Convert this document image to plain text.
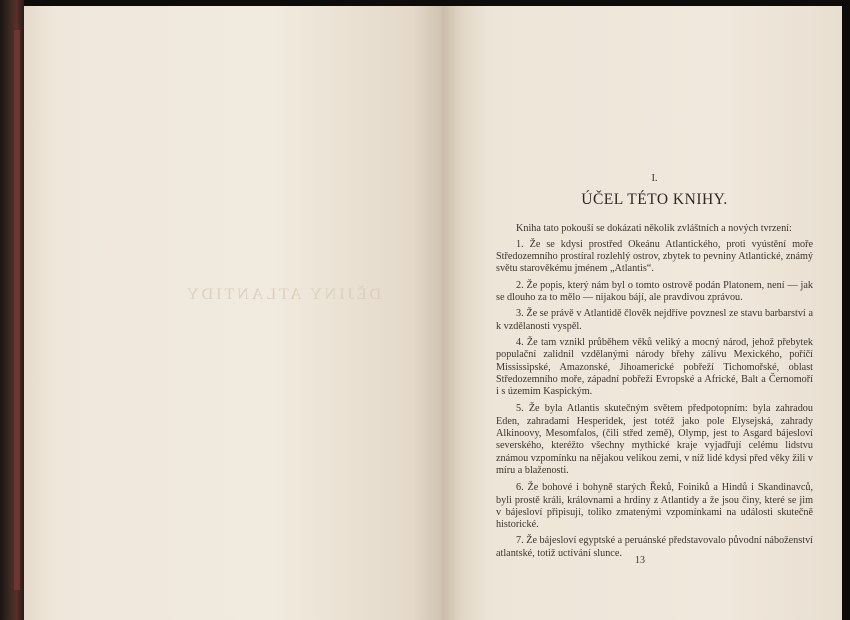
DĚJINY ATLANTIDY
I.
ÚČEL TÉTO KNIHY.

Kniha tato pokouší se dokázati několik zvláštních a nových tvrzení:

1. Že se kdysi prostřed Okeánu Atlantického, proti vyústění moře Středozemního prostíral rozlehlý ostrov, zbytek to pevniny Atlantické, známý světu starověkému jménem „Atlantis“.

2. Že popis, který nám byl o tomto ostrově podán Platonem, není — jak se dlouho za to mělo — nijakou bájí, ale pravdivou zprávou.

3. Že se právě v Atlantidě člověk nejdříve povznesl ze stavu barbarství a k vzdělanosti vyspěl.

4. Že tam vznikl průběhem věků veliký a mocný národ, jehož přebytek populační zalidnil vzdělanými národy břehy zálivu Mexického, poříčí Mississipské, Amazonské, Jihoamerické pobřeží Tichomořské, oblast Středozemního moře, západní pobřeží Evropské a Africké, Balt a Černomoří i s územím Kaspickým.

5. Že byla Atlantis skutečným světem předpotopním: byla zahradou Eden, zahradami Hesperidek, jest totéž jako pole Elysejská, zahrady Alkinoovy, Mesomfalos, (čili střed země), Olymp, jest to Asgard bájesloví severského, kteréžto všechny mythické kraje vyjadřují celému lidstvu známou vzpomínku na nějakou velikou zemi, v níž lidé kdysi před věky žili v míru a blaženosti.

6. Že bohové i bohyně starých Řeků, Foiniků a Hindů i Skandinavců, byli prostě králi, královnami a hrdiny z Atlantidy a že jsou činy, které se jim v bájesloví připisují, toliko zmatenými vzpomínkami na události skutečně historické.

7. Že bájesloví egyptské a peruánské představovalo původní náboženství atlantské, totiž uctívání slunce.

13
